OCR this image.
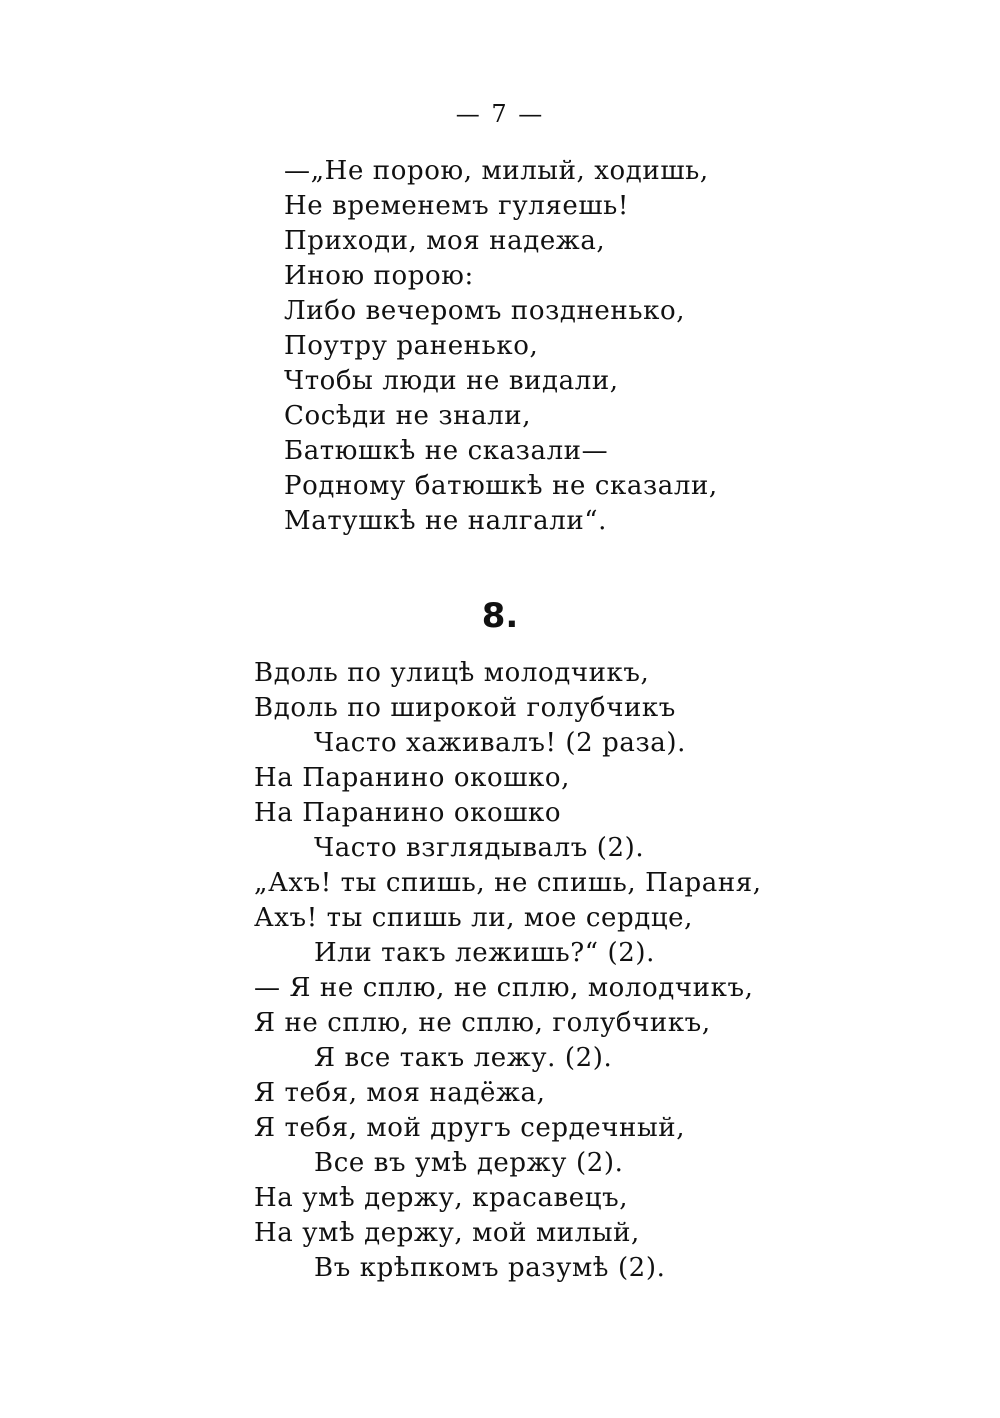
— 7 —
—„Не порою, милый, ходишь,
Не временемъ гуляешь!
Приходи, моя надежа,
Иною порою:
Либо вечеромъ поздненько,
Поутру раненько,
Чтобы люди не видали,
Сосѣди не знали,
Батюшкѣ не сказали—
Родному батюшкѣ не сказали,
Матушкѣ не налгали“.
8.
Вдоль по улицѣ молодчикъ,
Вдоль по широкой голубчикъ
Часто хаживалъ! (2 раза).
На Паранино окошко,
На Паранино окошко
Часто взглядывалъ (2).
„Ахъ! ты спишь, не спишь, Параня,
Ахъ! ты спишь ли, мое сердце,
Или такъ лежишь?“ (2).
— Я не сплю, не сплю, молодчикъ,
Я не сплю, не сплю, голубчикъ,
Я все такъ лежу. (2).
Я тебя, моя надёжа,
Я тебя, мой другъ сердечный,
Все въ умѣ держу (2).
На умѣ держу, красавецъ,
На умѣ держу, мой милый,
Въ крѣпкомъ разумѣ (2).
